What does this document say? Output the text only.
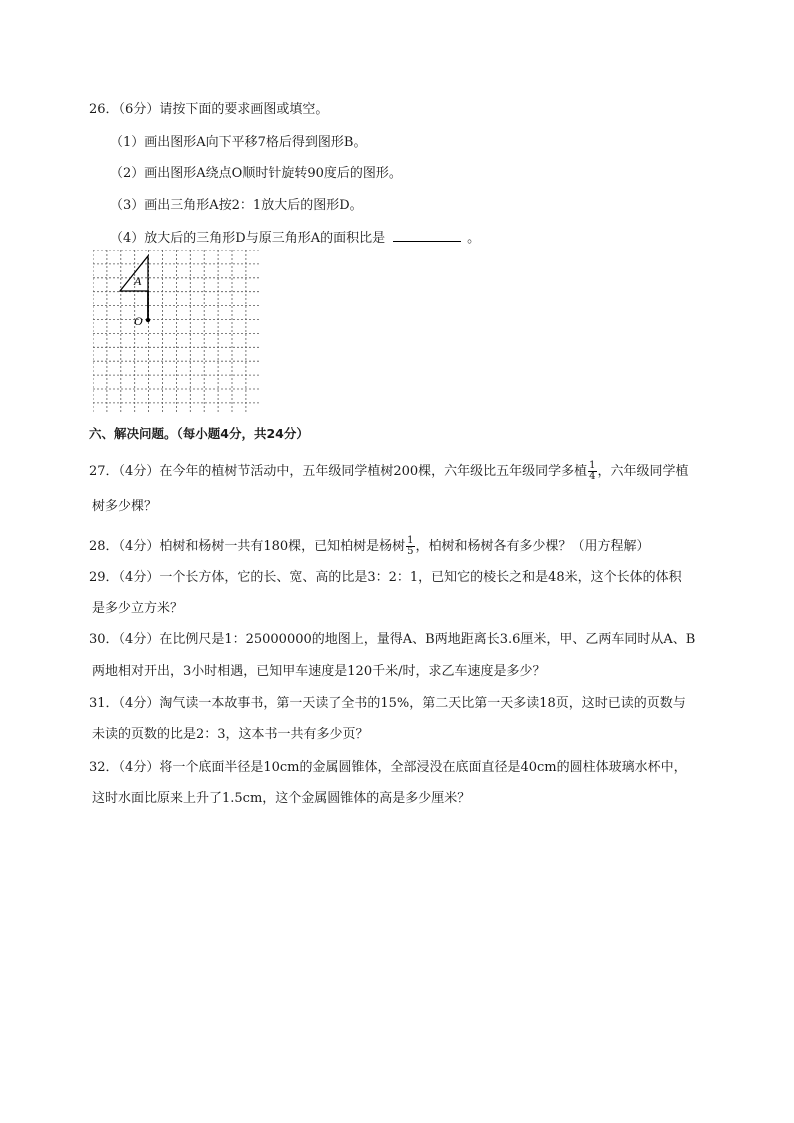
26．（6分）请按下面的要求画图或填空。
（1）画出图形A向下平移7格后得到图形B。
（2）画出图形A绕点O顺时针旋转90度后的图形。
（3）画出三角形A按2：1放大后的图形D。
（4）放大后的三角形D与原三角形A的面积比是	。
A
O
六、解决问题。（每小题4分，共24分）
27．（4分）在今年的植树节活动中，五年级同学植树200棵，六年级比五年级同学多植 $\frac{1}{4}$ ，六年级同学植
树多少棵？
28．（4分）柏树和杨树一共有180棵，已知柏树是杨树 $\frac{1}{5}$ ，柏树和杨树各有多少棵？（用方程解）
29．（4分）一个长方体，它的长、宽、高的比是3：2：1，已知它的棱长之和是48米，这个长体的体积
是多少立方米？
30．（4分）在比例尺是1：25000000的地图上，量得A、B两地距离长3.6厘米，甲、乙两车同时从A、B
两地相对开出，3小时相遇，已知甲车速度是120千米/时，求乙车速度是多少？
31．（4分）淘气读一本故事书，第一天读了全书的15%，第二天比第一天多读18页，这时已读的页数与
未读的页数的比是2：3，这本书一共有多少页？
32．（4分）将一个底面半径是10cm的金属圆锥体，全部浸没在底面直径是40cm的圆柱体玻璃水杯中，
这时水面比原来上升了1.5cm，这个金属圆锥体的高是多少厘米？
